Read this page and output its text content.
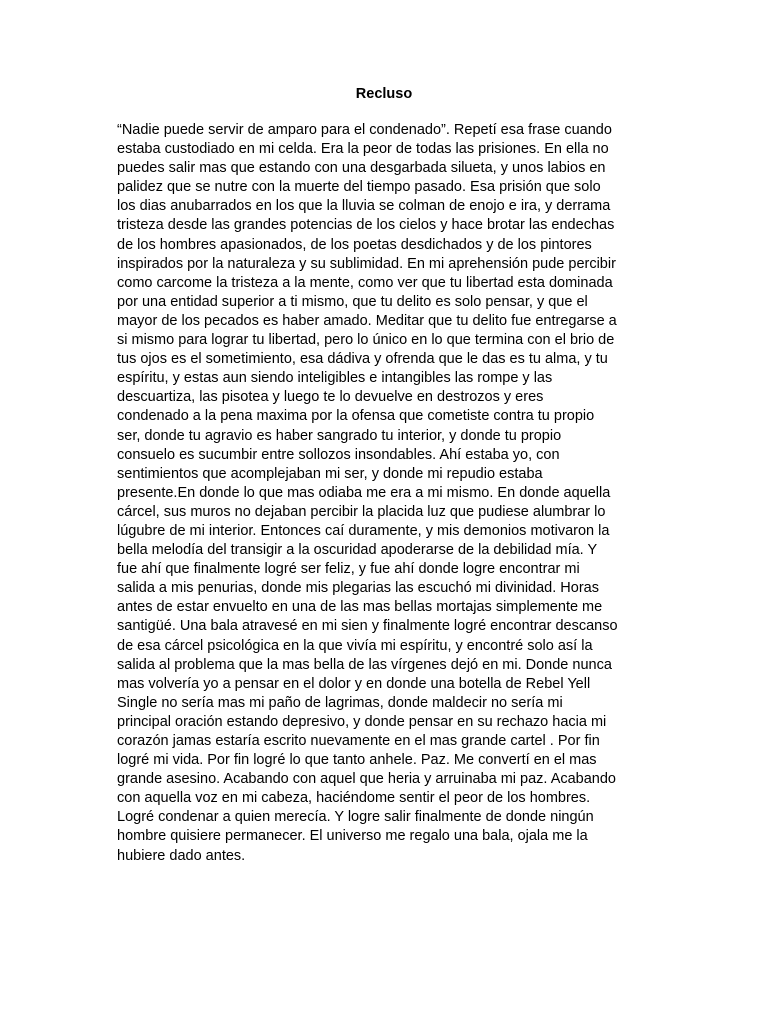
Recluso

“Nadie puede servir de amparo para el condenado”. Repetí esa frase cuando
estaba custodiado en mi celda. Era la peor de todas las prisiones. En ella no
puedes salir mas que estando con una desgarbada silueta, y unos labios en
palidez que se nutre con la muerte del tiempo pasado. Esa prisión que solo
los dias anubarrados en los que la lluvia se colman de enojo e ira, y derrama
tristeza desde las grandes potencias de los cielos y hace brotar las endechas
de los hombres apasionados, de los poetas desdichados y de los pintores
inspirados por la naturaleza y su sublimidad. En mi aprehensión pude percibir
como carcome la tristeza a la mente, como ver que tu libertad esta dominada
por una entidad superior a ti mismo, que tu delito es solo pensar, y que el
mayor de los pecados es haber amado. Meditar que tu delito fue entregarse a
si mismo para lograr tu libertad, pero lo único en lo que termina con el brio de
tus ojos es el sometimiento, esa dádiva y ofrenda que le das es tu alma, y tu
espíritu, y estas aun siendo inteligibles e intangibles las rompe y las
descuartiza, las pisotea y luego te lo devuelve en destrozos y eres
condenado a la pena maxima por la ofensa que cometiste contra tu propio
ser, donde tu agravio es haber sangrado tu interior, y donde tu propio
consuelo es sucumbir entre sollozos insondables. Ahí estaba yo, con
sentimientos que acomplejaban mi ser, y donde mi repudio estaba
presente.En donde lo que mas odiaba me era a mi mismo. En donde aquella
cárcel, sus muros no dejaban percibir la placida luz que pudiese alumbrar lo
lúgubre de mi interior. Entonces caí duramente, y mis demonios motivaron la
bella melodía del transigir a la oscuridad apoderarse de la debilidad mía. Y
fue ahí que finalmente logré ser feliz, y fue ahí donde logre encontrar mi
salida a mis penurias, donde mis plegarias las escuchó mi divinidad. Horas
antes de estar envuelto en una de las mas bellas mortajas simplemente me
santigüé. Una bala atravesé en mi sien y finalmente logré encontrar descanso
de esa cárcel psicológica en la que vivía mi espíritu, y encontré solo así la
salida al problema que la mas bella de las vírgenes dejó en mi. Donde nunca
mas volvería yo a pensar en el dolor y en donde una botella de Rebel Yell
Single no sería mas mi paño de lagrimas, donde maldecir no sería mi
principal oración estando depresivo, y donde pensar en su rechazo hacia mi
corazón jamas estaría escrito nuevamente en el mas grande cartel . Por fin
logré mi vida. Por fin logré lo que tanto anhele. Paz. Me convertí en el mas
grande asesino. Acabando con aquel que heria y arruinaba mi paz. Acabando
con aquella voz en mi cabeza, haciéndome sentir el peor de los hombres.
Logré condenar a quien merecía. Y logre salir finalmente de donde ningún
hombre quisiere permanecer. El universo me regalo una bala, ojala me la
hubiere dado antes.
